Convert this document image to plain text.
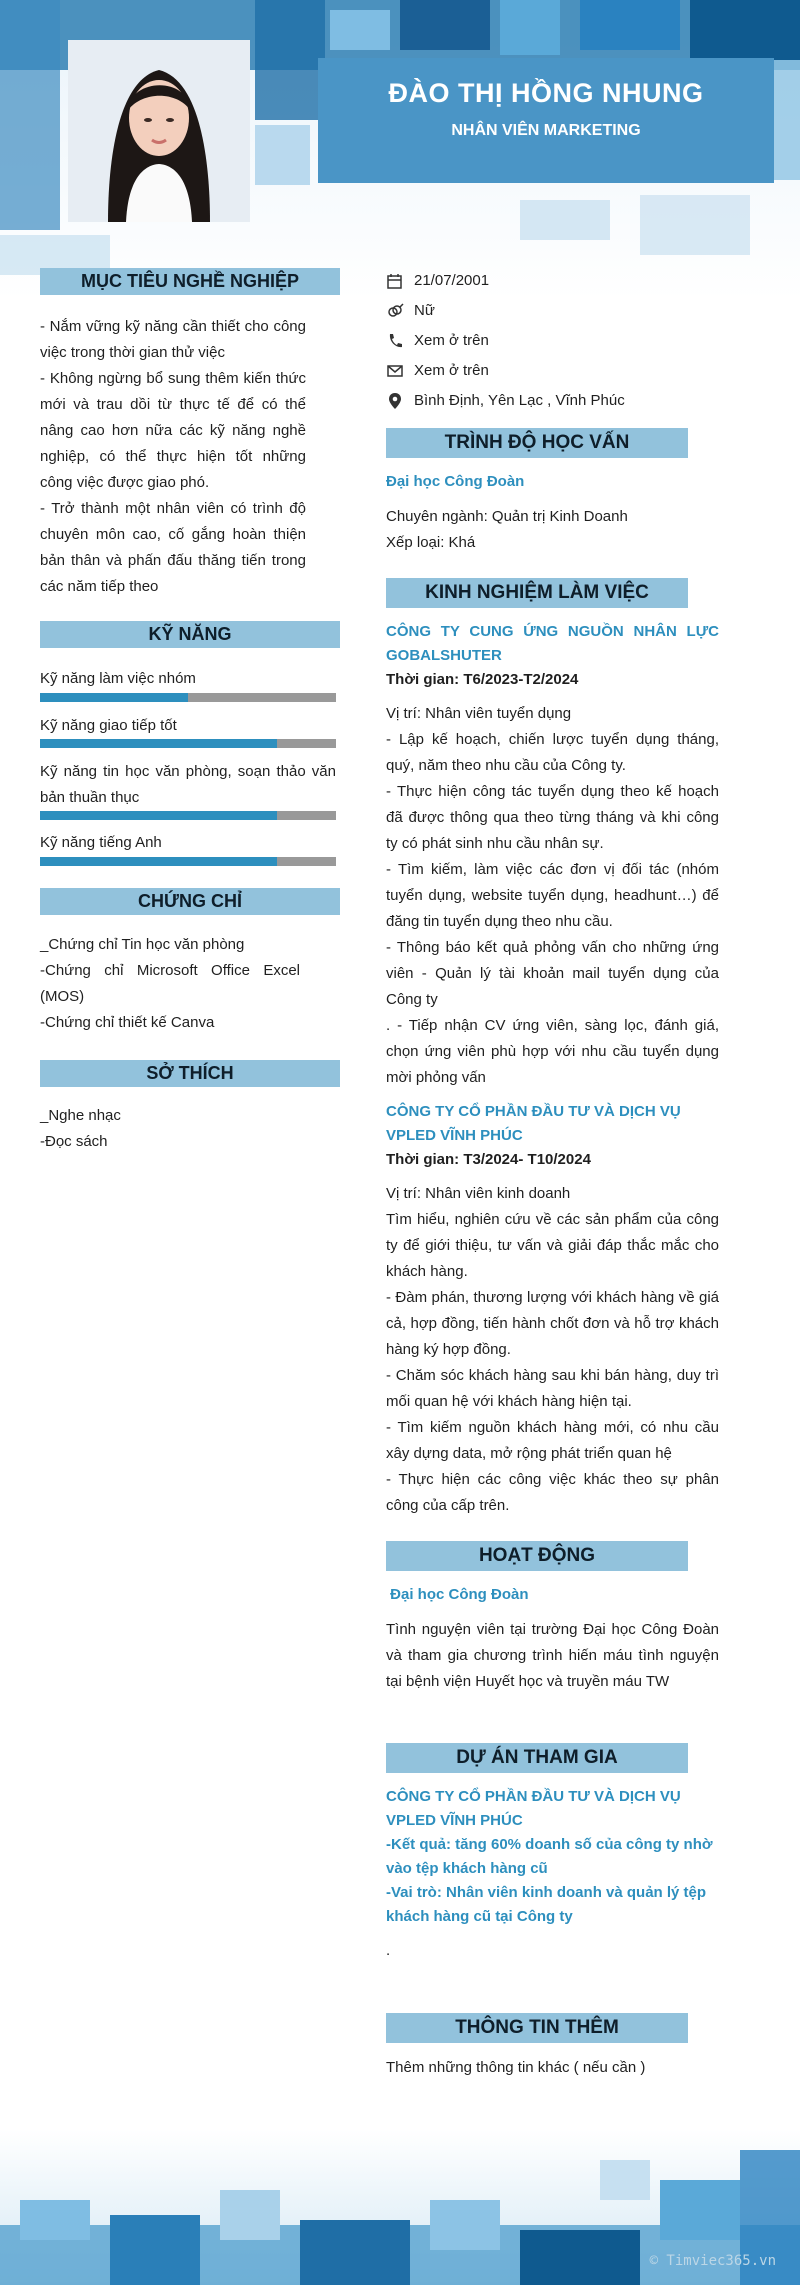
ĐÀO THỊ HỒNG NHUNG
NHÂN VIÊN MARKETING
MỤC TIÊU NGHỀ NGHIỆP

- Nắm vững kỹ năng cần thiết cho công việc trong thời gian thử việc

- Không ngừng bổ sung thêm kiến thức mới và trau dồi từ thực tế để có thể nâng cao hơn nữa các kỹ năng nghề nghiệp, có thể thực hiện tốt những công việc được giao phó.

- Trở thành một nhân viên có trình độ chuyên môn cao, cố gắng hoàn thiện bản thân và phấn đấu thăng tiến trong các năm tiếp theo

KỸ NĂNG
Kỹ năng làm việc nhóm
Kỹ năng giao tiếp tốt
Kỹ năng tin học văn phòng, soạn thảo văn bản thuần thục
Kỹ năng tiếng Anh
CHỨNG CHỈ

_Chứng chỉ Tin học văn phòng

-Chứng chỉ Microsoft Office Excel (MOS)

-Chứng chỉ thiết kế Canva

SỞ THÍCH

_Nghe nhạc

-Đọc sách

21/07/2001
Nữ
Xem ở trên
Xem ở trên
Bình Định, Yên Lạc , Vĩnh Phúc
TRÌNH ĐỘ HỌC VẤN
Đại học Công Đoàn

Chuyên ngành: Quản trị Kinh Doanh

Xếp loại: Khá

KINH NGHIỆM LÀM VIỆC
CÔNG TY CUNG ỨNG NGUỒN NHÂN LỰC GOBALSHUTER
Thời gian: T6/2023-T2/2024

Vị trí: Nhân viên tuyển dụng

- Lập kế hoạch, chiến lược tuyển dụng tháng, quý, năm theo nhu cầu của Công ty.

- Thực hiện công tác tuyển dụng theo kế hoạch đã được thông qua theo từng tháng và khi công ty có phát sinh nhu cầu nhân sự.

- Tìm kiếm, làm việc các đơn vị đối tác (nhóm tuyển dụng, website tuyển dụng, headhunt…) để đăng tin tuyển dụng theo nhu cầu.

- Thông báo kết quả phỏng vấn cho những ứng viên - Quản lý tài khoản mail tuyển dụng của Công ty

. - Tiếp nhận CV ứng viên, sàng lọc, đánh giá, chọn ứng viên phù hợp với nhu cầu tuyển dụng mời phỏng vấn

CÔNG TY CỔ PHẦN ĐẦU TƯ VÀ DỊCH VỤ VPLED VĨNH PHÚC
Thời gian: T3/2024- T10/2024

Vị trí: Nhân viên kinh doanh

Tìm hiểu, nghiên cứu về các sản phẩm của công ty để giới thiệu, tư vấn và giải đáp thắc mắc cho khách hàng.

- Đàm phán, thương lượng với khách hàng về giá cả, hợp đồng, tiến hành chốt đơn và hỗ trợ khách hàng ký hợp đồng.

- Chăm sóc khách hàng sau khi bán hàng, duy trì mối quan hệ với khách hàng hiện tại.

- Tìm kiếm nguồn khách hàng mới, có nhu cầu xây dựng data, mở rộng phát triển quan hệ

- Thực hiện các công việc khác theo sự phân công của cấp trên.

HOẠT ĐỘNG
Đại học Công Đoàn
Tình nguyện viên tại trường Đại học Công Đoàn và tham gia chương trình hiến máu tình nguyện tại bệnh viện Huyết học và truyền máu TW
DỰ ÁN THAM GIA
CÔNG TY CỔ PHẦN ĐẦU TƯ VÀ DỊCH VỤ VPLED VĨNH PHÚC
-Kết quả: tăng 60% doanh số của công ty nhờ vào tệp khách hàng cũ
-Vai trò: Nhân viên kinh doanh và quản lý tệp khách hàng cũ tại Công ty
.
THÔNG TIN THÊM
Thêm những thông tin khác ( nếu cần )
© Timviec365.vn
